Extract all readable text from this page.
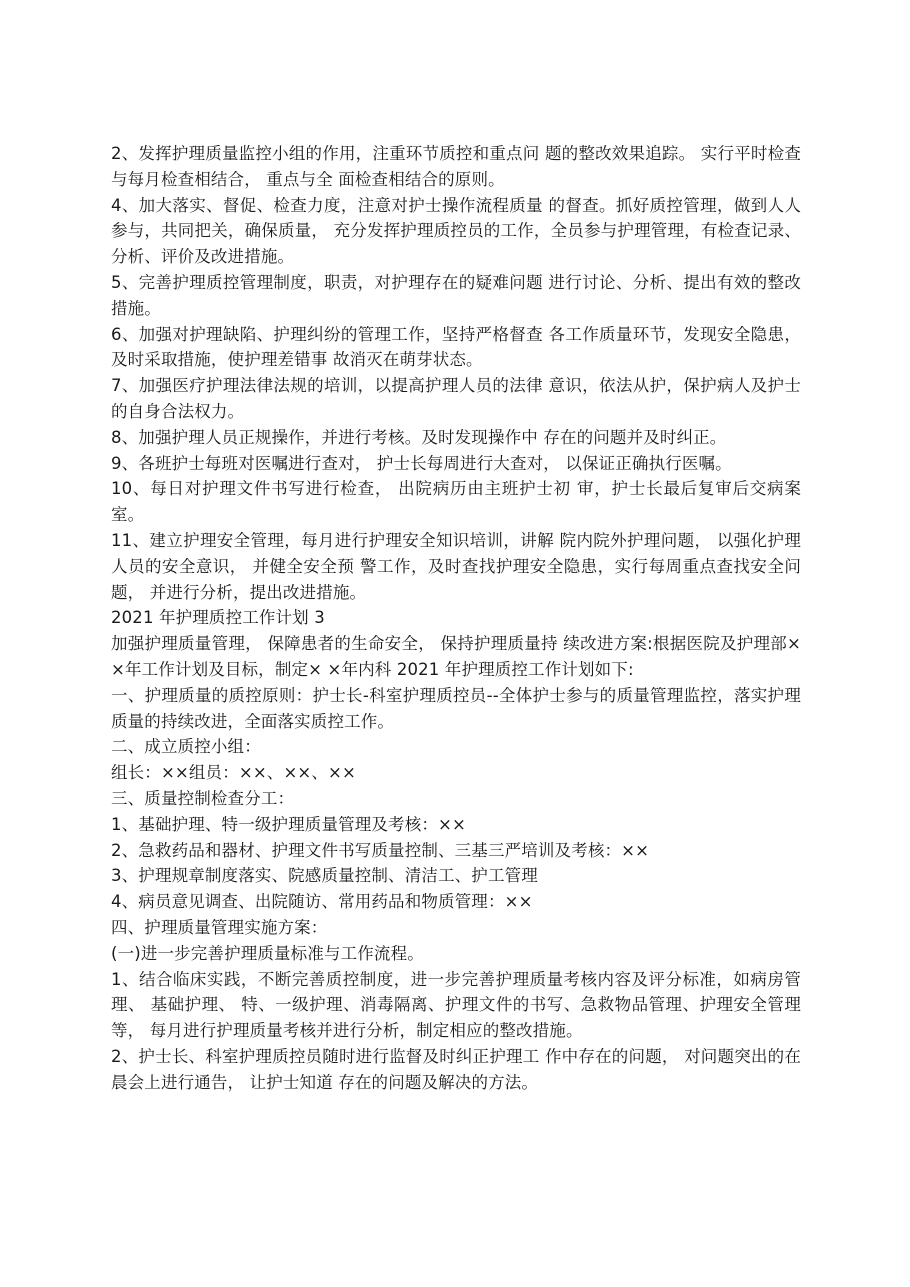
2、发挥护理质量监控小组的作用，注重环节质控和重点问 题的整改效果追踪。 实行平时检查与每月检查相结合， 重点与全 面检查相结合的原则。

4、加大落实、督促、检查力度，注意对护士操作流程质量 的督查。抓好质控管理，做到人人参与，共同把关，确保质量， 充分发挥护理质控员的工作，全员参与护理管理，有检查记录、 分析、评价及改进措施。

5、完善护理质控管理制度，职责，对护理存在的疑难问题 进行讨论、分析、提出有效的整改措施。

6、加强对护理缺陷、护理纠纷的管理工作，坚持严格督查 各工作质量环节，发现安全隐患，及时采取措施，使护理差错事 故消灭在萌芽状态。

7、加强医疗护理法律法规的培训，以提高护理人员的法律 意识，依法从护，保护病人及护士的自身合法权力。

8、加强护理人员正规操作，并进行考核。及时发现操作中 存在的问题并及时纠正。

9、各班护士每班对医嘱进行查对， 护士长每周进行大查对， 以保证正确执行医嘱。

10、每日对护理文件书写进行检查， 出院病历由主班护士初 审，护士长最后复审后交病案室。

11、建立护理安全管理，每月进行护理安全知识培训，讲解 院内院外护理问题， 以强化护理人员的安全意识， 并健全安全预 警工作，及时查找护理安全隐患，实行每周重点查找安全问题， 并进行分析，提出改进措施。

2021 年护理质控工作计划 3

加强护理质量管理， 保障患者的生命安全， 保持护理质量持 续改进方案:根据医院及护理部××年工作计划及目标，制定× ×年内科 2021 年护理质控工作计划如下:

一、护理质量的质控原则：护士长-科室护理质控员--全体护士参与的质量管理监控，落实护理质量的持续改进，全面落实质控工作。

二、成立质控小组：

组长：××组员：××、××、××

三、质量控制检查分工：

1、基础护理、特一级护理质量管理及考核：××

2、急救药品和器材、护理文件书写质量控制、三基三严培训及考核：××

3、护理规章制度落实、院感质量控制、清洁工、护工管理

4、病员意见调查、出院随访、常用药品和物质管理：××

四、护理质量管理实施方案：

(一)进一步完善护理质量标准与工作流程。

1、结合临床实践，不断完善质控制度，进一步完善护理质量考核内容及评分标准，如病房管理、 基础护理、 特、一级护理、消毒隔离、护理文件的书写、急救物品管理、护理安全管理等， 每月进行护理质量考核并进行分析，制定相应的整改措施。

2、护士长、科室护理质控员随时进行监督及时纠正护理工 作中存在的问题， 对问题突出的在晨会上进行通告， 让护士知道 存在的问题及解决的方法。
